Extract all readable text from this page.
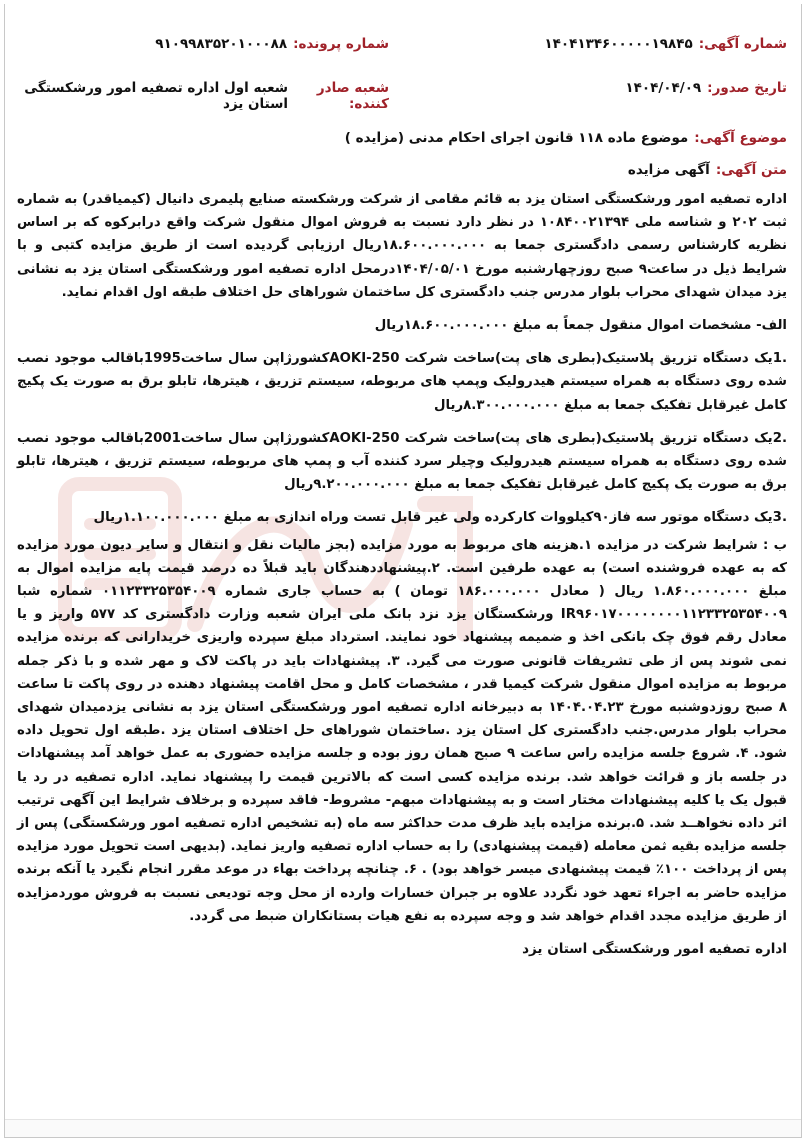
شماره آگهی:
۱۴۰۴۱۳۴۶۰۰۰۰۰۱۹۸۴۵
شماره پرونده:
۹۱۰۹۹۸۳۵۲۰۱۰۰۰۸۸
تاریخ صدور:
۱۴۰۴/۰۴/۰۹
شعبه صادر کننده:
شعبه اول اداره تصفیه امور ورشکستگی استان یزد
موضوع آگهی:
موضوع ماده ۱۱۸ قانون اجرای احکام مدنی (مزایده )
متن آگهی:
آگهی مزایده

اداره تصفیه امور ورشکستگی استان یزد به قائم مقامی از شرکت ورشکسته صنایع پلیمری دانیال (کیمیاقدر) به شماره ثبت ۲۰۲ و شناسه ملی ۱۰۸۴۰۰۲۱۳۹۴ در نظر دارد نسبت به فروش اموال منقول شرکت واقع درابرکوه که بر اساس نظریه کارشناس رسمی دادگستری جمعا به ۱۸.۶۰۰.۰۰۰.۰۰۰ریال ارزیابی گردیده است از طریق مزایده کتبی و با شرایط ذیل در ساعت۹ صبح روزچهارشنبه مورخ ۱۴۰۴/۰۵/۰۱درمحل اداره تصفیه امور ورشکستگی استان یزد به نشانی یزد میدان شهدای محراب بلوار مدرس جنب دادگستری کل ساختمان شوراهای حل اختلاف طبقه اول اقدام نماید.

الف- مشخصات اموال منقول جمعاً به مبلغ ۱۸.۶۰۰.۰۰۰.۰۰۰ریال

.1یک دستگاه تزریق پلاستیک(بطری های پت)ساخت شرکت AOKI-250کشورژاپن سال ساخت1995باقالب موجود نصب شده روی دستگاه به همراه سیستم هیدرولیک وپمپ های مربوطه، سیستم تزریق ، هیترها، تابلو برق به صورت یک پکیج کامل غیرقابل تفکیک جمعا به مبلغ ۸.۳۰۰.۰۰۰.۰۰۰ریال

.2یک دستگاه تزریق پلاستیک(بطری های پت)ساخت شرکت AOKI-250کشورژاپن سال ساخت2001باقالب موجود نصب شده روی دستگاه به همراه سیستم هیدرولیک وچیلر سرد کننده آب و پمپ های مربوطه، سیستم تزریق ، هیترها، تابلو برق به صورت یک پکیج کامل غیرقابل تفکیک جمعا به مبلغ ۹.۲۰۰.۰۰۰.۰۰۰ریال

.3یک دستگاه موتور سه فاز۹۰کیلووات کارکرده ولی غیر قابل تست وراه اندازی به مبلغ ۱.۱۰۰.۰۰۰.۰۰۰ریال

ب : شرایط شرکت در مزایده ۱.هزینه های مربوط به مورد مزایده (بجز مالیات نقل و انتقال و سایر دیون مورد مزایده که به عهده فروشنده است) به عهده طرفین است. ۲.پیشنهاددهندگان باید قبلاً ده درصد قیمت پایه مزایده اموال به مبلغ ۱.۸۶۰.۰۰۰.۰۰۰ ریال ( معادل ۱۸۶.۰۰۰.۰۰۰ تومان ) به حساب جاری شماره ۰۱۱۲۳۳۲۵۳۵۴۰۰۹ شماره شبا IR۹۶۰۱۷۰۰۰۰۰۰۰۰۱۱۲۳۳۲۵۳۵۴۰۰۹ ورشکستگان یزد نزد بانک ملی ایران شعبه وزارت دادگستری کد ۵۷۷ واریز و یا معادل رقم فوق چک بانکی اخذ و ضمیمه پیشنهاد خود نمایند. استرداد مبلغ سپرده واریزی خریدارانی که برنده مزایده نمی شوند پس از طی تشریفات قانونی صورت می گیرد. ۳. پیشنهادات باید در پاکت لاک و مهر شده و با ذکر جمله مربوط به مزایده اموال منقول شرکت کیمیا قدر ، مشخصات کامل و محل اقامت پیشنهاد دهنده در روی پاکت تا ساعت ۸ صبح روزدوشنبه مورخ ۱۴۰۴.۰۴.۲۳ به دبیرخانه اداره تصفیه امور ورشکستگی استان یزد به نشانی یزدمیدان شهدای محراب بلوار مدرس.جنب دادگستری کل استان یزد .ساختمان شوراهای حل اختلاف استان یزد .طبقه اول تحویل داده شود. ۴. شروع جلسه مزایده راس ساعت ۹ صبح همان روز بوده و جلسه مزایده حضوری به عمل خواهد آمد پیشنهادات در جلسه باز و قرائت خواهد شد. برنده مزایده کسی است که بالاترین قیمت را پیشنهاد نماید. اداره تصفیه در رد یا قبول یک یا کلیه پیشنهادات مختار است و به پیشنهادات مبهم- مشروط- فاقد سپرده و برخلاف شرایط این آگهی ترتیب اثر داده نخواهــد شد. ۵.برنده مزایده باید ظرف مدت حداکثر سه ماه (به تشخیص اداره تصفیه امور ورشکستگی) پس از جلسه مزایده بقیه ثمن معامله (قیمت پیشنهادی) را به حساب اداره تصفیه واریز نماید. (بدیهی است تحویل مورد مزایده پس از پرداخت ۱۰۰٪ قیمت پیشنهادی میسر خواهد بود) . ۶. چنانچه پرداخت بهاء در موعد مقرر انجام نگیرد یا آنکه برنده مزایده حاضر به اجراء تعهد خود نگردد علاوه بر جبران خسارات وارده از محل وجه تودیعی نسبت به فروش موردمزایده از طریق مزایده مجدد اقدام خواهد شد و وجه سپرده به نفع هیات بستانکاران ضبط می گردد.

اداره تصفیه امور ورشکستگی استان یزد
